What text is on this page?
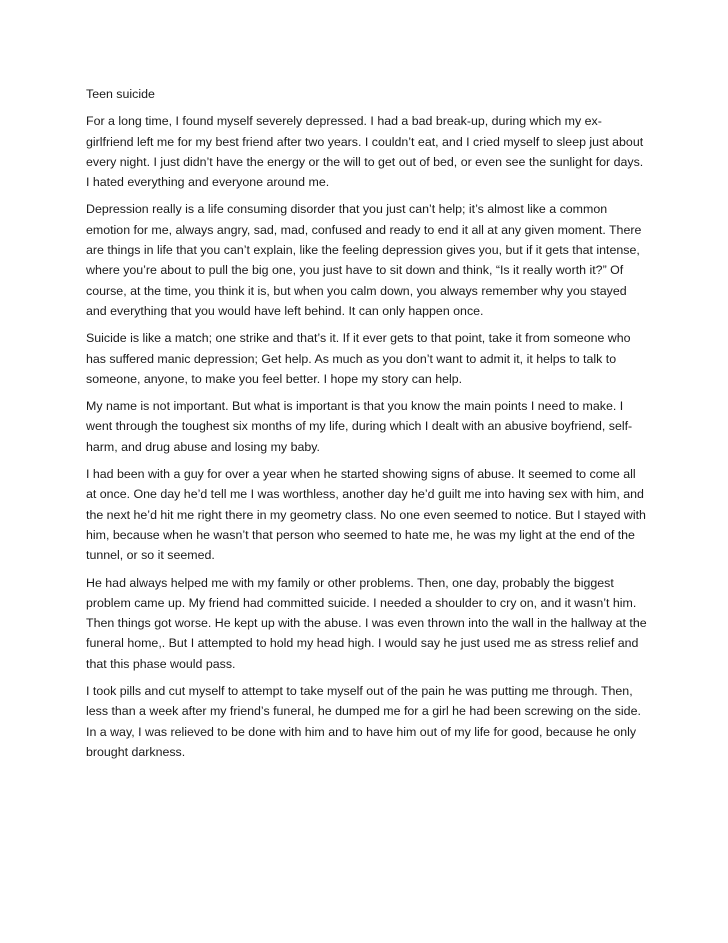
Teen suicide

For a long time, I found myself severely depressed. I had a bad break-up, during which my ex-girlfriend left me for my best friend after two years. I couldn’t eat, and I cried myself to sleep just about every night. I just didn’t have the energy or the will to get out of bed, or even see the sunlight for days. I hated everything and everyone around me.

Depression really is a life consuming disorder that you just can’t help; it’s almost like a common emotion for me, always angry, sad, mad, confused and ready to end it all at any given moment. There are things in life that you can’t explain, like the feeling depression gives you, but if it gets that intense, where you’re about to pull the big one, you just have to sit down and think, “Is it really worth it?” Of course, at the time, you think it is, but when you calm down, you always remember why you stayed and everything that you would have left behind. It can only happen once.

Suicide is like a match; one strike and that’s it. If it ever gets to that point, take it from someone who has suffered manic depression; Get help. As much as you don’t want to admit it, it helps to talk to someone, anyone, to make you feel better. I hope my story can help.

My name is not important. But what is important is that you know the main points I need to make. I went through the toughest six months of my life, during which I dealt with an abusive boyfriend, self-harm, and drug abuse and losing my baby.

I had been with a guy for over a year when he started showing signs of abuse. It seemed to come all at once. One day he’d tell me I was worthless, another day he’d guilt me into having sex with him, and the next he’d hit me right there in my geometry class. No one even seemed to notice. But I stayed with him, because when he wasn’t that person who seemed to hate me, he was my light at the end of the tunnel, or so it seemed.

He had always helped me with my family or other problems. Then, one day, probably the biggest problem came up. My friend had committed suicide. I needed a shoulder to cry on, and it wasn’t him. Then things got worse. He kept up with the abuse. I was even thrown into the wall in the hallway at the funeral home,. But I attempted to hold my head high. I would say he just used me as stress relief and that this phase would pass.

I took pills and cut myself to attempt to take myself out of the pain he was putting me through. Then, less than a week after my friend’s funeral, he dumped me for a girl he had been screwing on the side. In a way, I was relieved to be done with him and to have him out of my life for good, because he only brought darkness.
